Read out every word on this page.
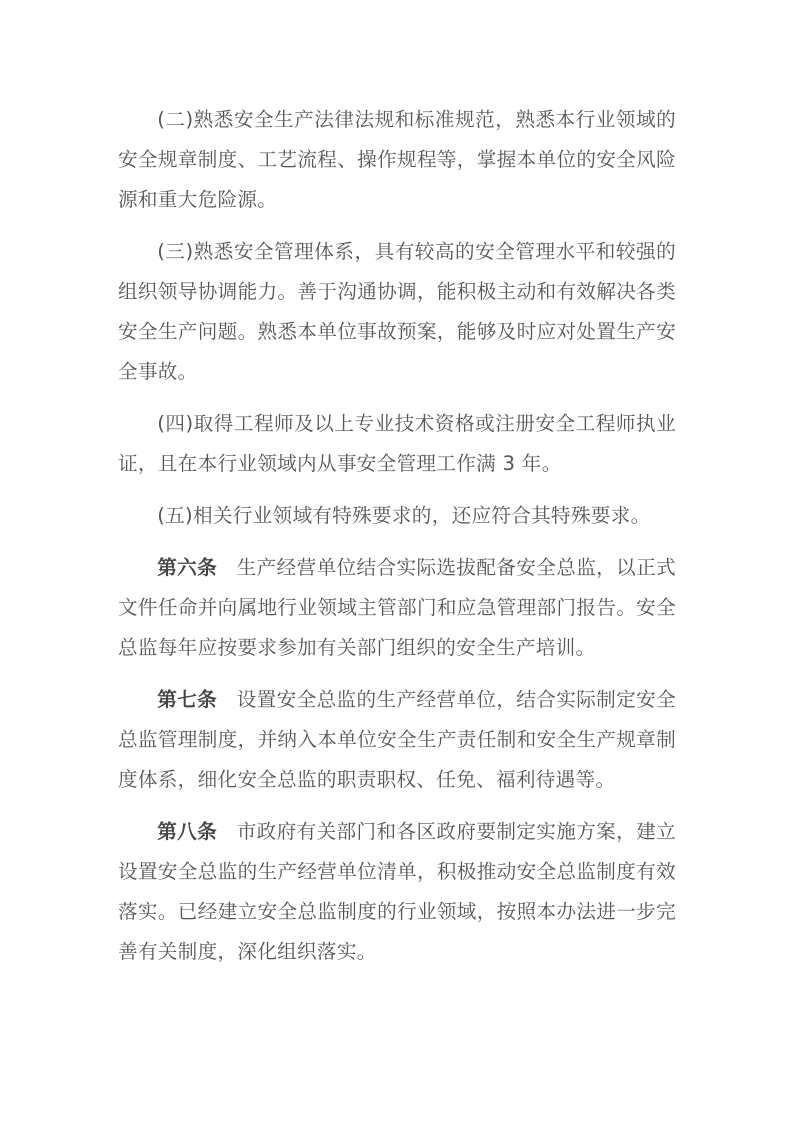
(二)熟悉安全生产法律法规和标准规范，熟悉本行业领域的安全规章制度、工艺流程、操作规程等，掌握本单位的安全风险源和重大危险源。

(三)熟悉安全管理体系，具有较高的安全管理水平和较强的组织领导协调能力。善于沟通协调，能积极主动和有效解决各类安全生产问题。熟悉本单位事故预案，能够及时应对处置生产安全事故。

(四)取得工程师及以上专业技术资格或注册安全工程师执业证，且在本行业领域内从事安全管理工作满 3 年。

(五)相关行业领域有特殊要求的，还应符合其特殊要求。

第六条 生产经营单位结合实际选拔配备安全总监，以正式文件任命并向属地行业领域主管部门和应急管理部门报告。安全总监每年应按要求参加有关部门组织的安全生产培训。

第七条 设置安全总监的生产经营单位，结合实际制定安全总监管理制度，并纳入本单位安全生产责任制和安全生产规章制度体系，细化安全总监的职责职权、任免、福利待遇等。

第八条 市政府有关部门和各区政府要制定实施方案，建立设置安全总监的生产经营单位清单，积极推动安全总监制度有效落实。已经建立安全总监制度的行业领域，按照本办法进一步完善有关制度，深化组织落实。
